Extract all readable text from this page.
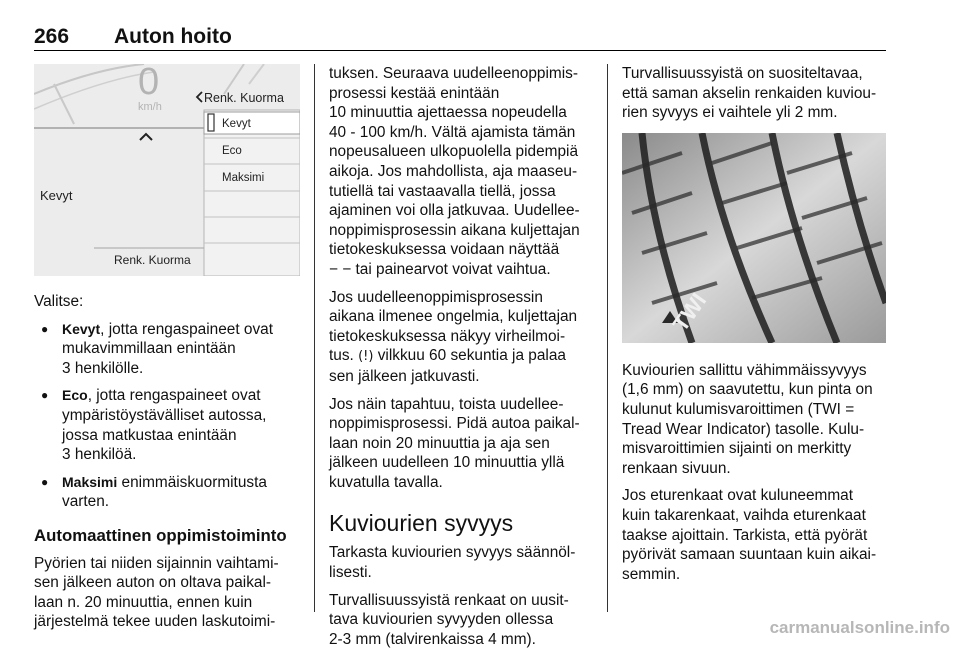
266 Auton hoito
0
km/h
Renk. Kuorma
Kevyt
Eco
Maksimi
Kevyt
Renk. Kuorma

Valitse:

● Kevyt, jotta rengaspaineet ovat
mukavimmillaan enintään
3 henkilölle.
● Eco, jotta rengaspaineet ovat
ympäristöystävälliset autossa,
jossa matkustaa enintään
3 henkilöä.
● Maksimi enimmäiskuormitusta
varten.
Automaattinen oppimistoiminto

Pyörien tai niiden sijainnin vaihtami-
sen jälkeen auton on oltava paikal-
laan n. 20 minuuttia, ennen kuin
järjestelmä tekee uuden laskutoimi-

tuksen. Seuraava uudelleenoppimis-
prosessi kestää enintään
10 minuuttia ajettaessa nopeudella
40 - 100 km/h. Vältä ajamista tämän
nopeusalueen ulkopuolella pidempiä
aikoja. Jos mahdollista, aja maaseu-
tutiellä tai vastaavalla tiellä, jossa
ajaminen voi olla jatkuvaa. Uudellee-
noppimisprosessin aikana kuljettajan
tietokeskuksessa voidaan näyttää
− − tai painearvot voivat vaihtua.

Jos uudelleenoppimisprosessin
aikana ilmenee ongelmia, kuljettajan
tietokeskuksessa näkyy virheilmoi-
tus. (!) vilkkuu 60 sekuntia ja palaa
sen jälkeen jatkuvasti.

Jos näin tapahtuu, toista uudellee-
noppimisprosessi. Pidä autoa paikal-
laan noin 20 minuuttia ja aja sen
jälkeen uudelleen 10 minuuttia yllä
kuvatulla tavalla.

Kuviourien syvyys

Tarkasta kuviourien syvyys säännöl-
lisesti.

Turvallisuussyistä renkaat on uusit-
tava kuviourien syvyyden ollessa
2-3 mm (talvirenkaissa 4 mm).

Turvallisuussyistä on suositeltavaa,
että saman akselin renkaiden kuviou-
rien syvyys ei vaihtele yli 2 mm.

TWI

Kuviourien sallittu vähimmäissyvyys
(1,6 mm) on saavutettu, kun pinta on
kulunut kulumisvaroittimen (TWI =
Tread Wear Indicator) tasolle. Kulu-
misvaroittimien sijainti on merkitty
renkaan sivuun.

Jos eturenkaat ovat kuluneemmat
kuin takarenkaat, vaihda eturenkaat
taakse ajoittain. Tarkista, että pyörät
pyörivät samaan suuntaan kuin aikai-
semmin.

carmanualsonline.info
